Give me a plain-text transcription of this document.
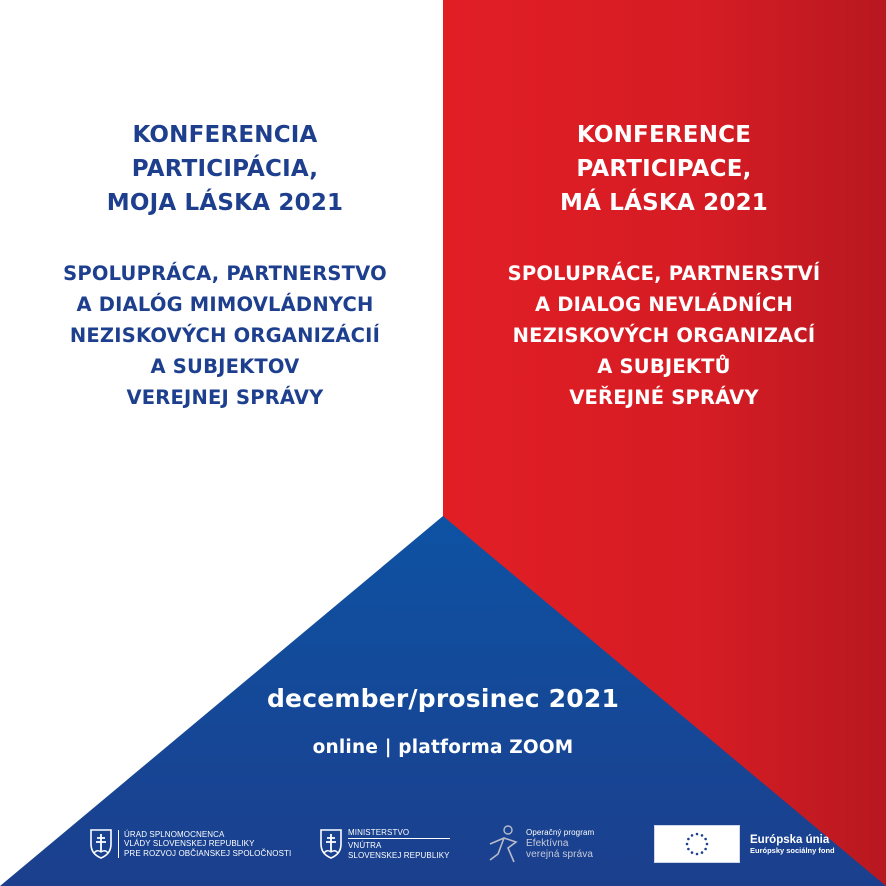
KONFERENCIA
PARTICIPÁCIA,
MOJA LÁSKA 2021
SPOLUPRÁCA, PARTNERSTVO
A DIALÓG MIMOVLÁDNYCH
NEZISKOVÝCH ORGANIZÁCIÍ
A SUBJEKTOV
VEREJNEJ SPRÁVY
KONFERENCE
PARTICIPACE,
MÁ LÁSKA 2021
SPOLUPRÁCE, PARTNERSTVÍ
A DIALOG NEVLÁDNÍCH
NEZISKOVÝCH ORGANIZACÍ
A SUBJEKTŮ
VEŘEJNÉ SPRÁVY
december/prosinec 2021
online | platforma ZOOM
ÚRAD SPLNOMOCNENCA
VLÁDY SLOVENSKEJ REPUBLIKY
PRE ROZVOJ OBČIANSKEJ SPOLOČNOSTI
MINISTERSTVO
VNÚTRA
SLOVENSKEJ REPUBLIKY
Operačný program
Efektívna
verejná správa
Európska únia
Európsky sociálny fond
